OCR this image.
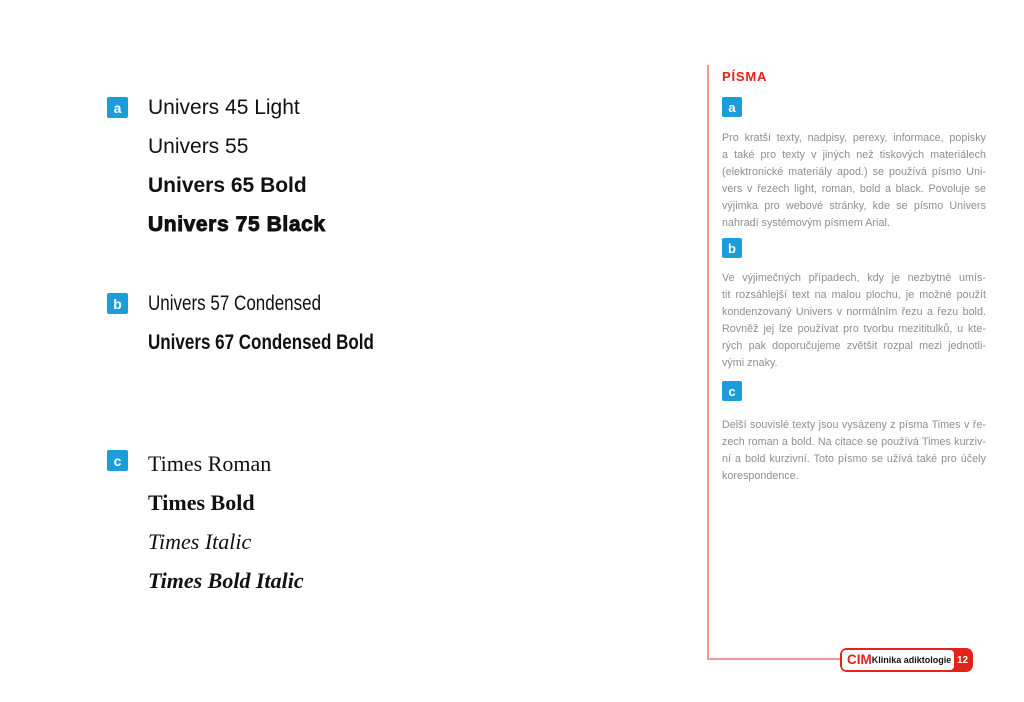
a	Univers 45 Light
Univers 55
Univers 65 Bold
Univers 75 Black
b Univers 57 Condensed
Univers 67 Condensed Bold
c	Times Roman
Times Bold
Times Italic
Times Bold Italic
PÍSMA
a
Pro kratší texty, nadpisy, perexy, informace, popisky
a také pro texty v jiných než tiskových materiálech
(elektronické materiály apod.) se používá písmo Uni-
vers v řezech light, roman, bold a black. Povoluje se
výjimka pro webové stránky, kde se písmo Univers
nahradí systémovým písmem Arial.
b
Ve výjimečných případech, kdy je nezbytné umís-
tit rozsáhlejší text na malou plochu, je možné použít
kondenzovaný Univers v normálním řezu a řezu bold.
Rovněž jej lze používat pro tvorbu mezititulků, u kte-
rých pak doporučujeme zvětšit rozpal mezi jednotli-
vými znaky.
c
Delší souvislé texty jsou vysázeny z písma Times v ře-
zech roman a bold. Na citace se používá Times kurziv-
ní a bold kurzivní. Toto písmo se užívá také pro účely
korespondence.
CIM Klinika adiktologie 12
